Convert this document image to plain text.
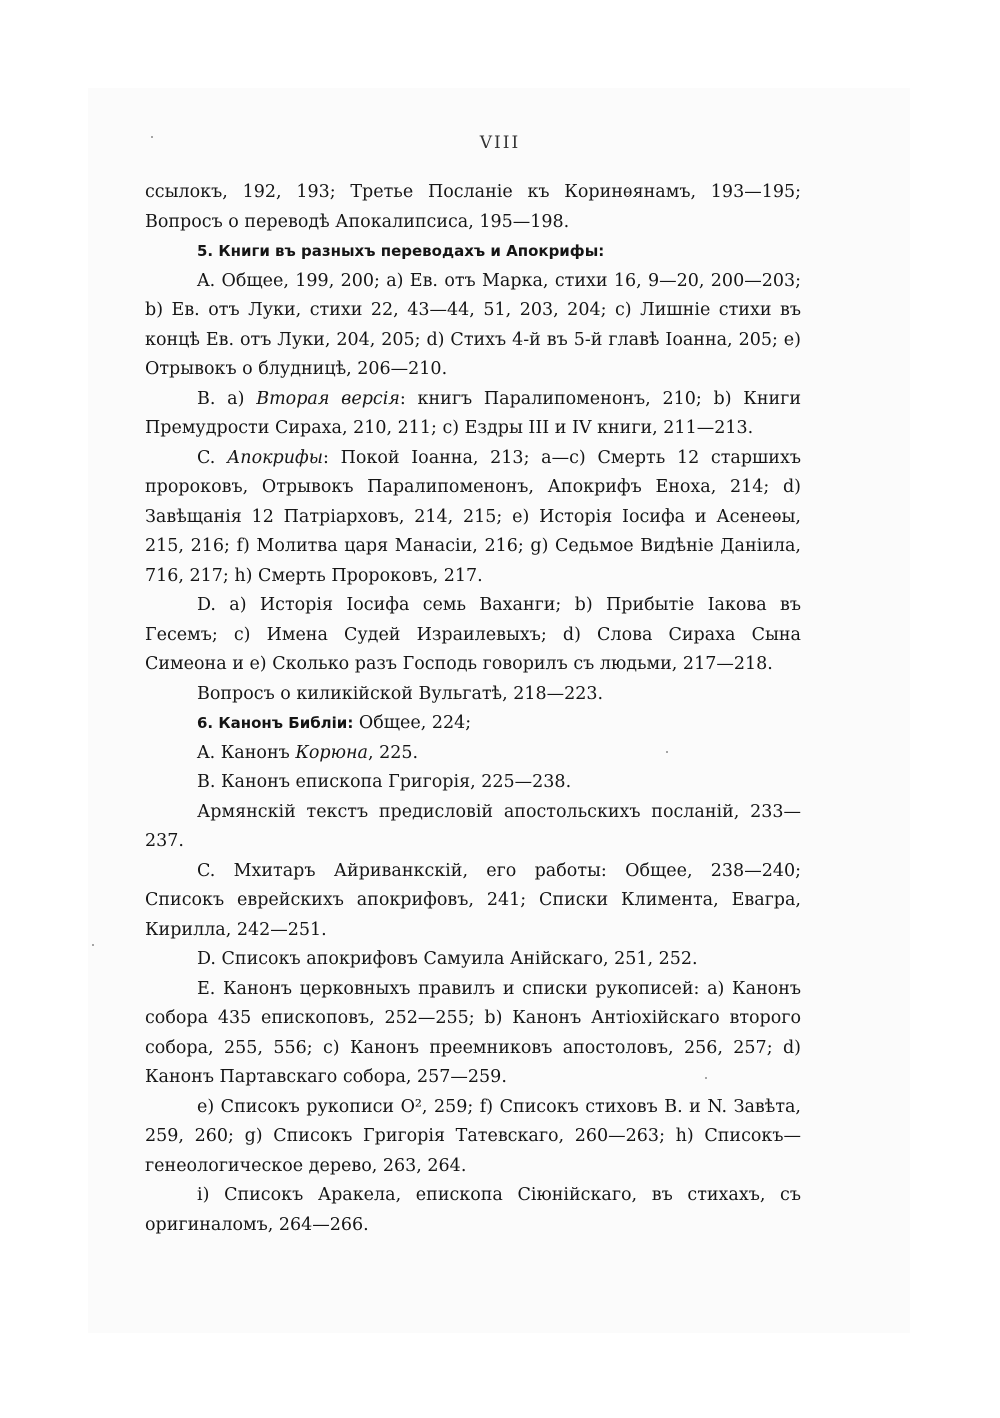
VIII

ссылокъ, 192, 193; Третье Посланіе къ Коринѳянамъ, 193—195; Вопросъ о переводѣ Апокалипсиса, 195—198.

5. Книги въ разныхъ переводахъ и Апокрифы:

A. Общее, 199, 200; a) Ев. отъ Марка, стихи 16, 9—20, 200—203; b) Ев. отъ Луки, стихи 22, 43—44, 51, 203, 204; c) Лишніе стихи въ концѣ Ев. отъ Луки, 204, 205; d) Стихъ 4-й въ 5-й главѣ Іоанна, 205; e) Отрывокъ о блудницѣ, 206—210.

B. a) Вторая версія: книгъ Паралипоменонъ, 210; b) Книги Премудрости Сираха, 210, 211; c) Ездры III и IV книги, 211—213.

C. Апокрифы: Покой Іоанна, 213; a—c) Смерть 12 старшихъ пророковъ, Отрывокъ Паралипоменонъ, Апокрифъ Еноха, 214; d) Завѣщанія 12 Патріарховъ, 214, 215; e) Исторія Іосифа и Асенеѳы, 215, 216; f) Молитва царя Манасіи, 216; g) Седьмое Видѣніе Даніила, 716, 217; h) Смерть Пророковъ, 217.

D. a) Исторія Іосифа семь Ваханги; b) Прибытіе Іакова въ Гесемъ; c) Имена Судей Израилевыхъ; d) Слова Сираха Сына Симеона и e) Сколько разъ Господь говорилъ съ людьми, 217—218.

Вопросъ о киликійской Вульгатѣ, 218—223.

6. Канонъ Библіи: Общее, 224;

A. Канонъ Корюна, 225.

B. Канонъ епископа Григорія, 225—238.

Армянскій текстъ предисловій апостольскихъ посланій, 233—237.

C. Мхитаръ Айриванкскій, его работы: Общее, 238—240; Списокъ еврейскихъ апокрифовъ, 241; Списки Климента, Евагра, Кирилла, 242—251.

D. Списокъ апокрифовъ Самуила Анійскаго, 251, 252.

E. Канонъ церковныхъ правилъ и списки рукописей: a) Канонъ собора 435 епископовъ, 252—255; b) Канонъ Антіохійскаго второго собора, 255, 556; c) Канонъ преемниковъ апостоловъ, 256, 257; d) Канонъ Партавскаго собора, 257—259.

e) Списокъ рукописи O², 259; f) Списокъ стиховъ B. и N. Завѣта, 259, 260; g) Списокъ Григорія Татевскаго, 260—263; h) Списокъ—генеологическое дерево, 263, 264.

i) Списокъ Аракела, епископа Сіюнійскаго, въ стихахъ, съ оригиналомъ, 264—266.
